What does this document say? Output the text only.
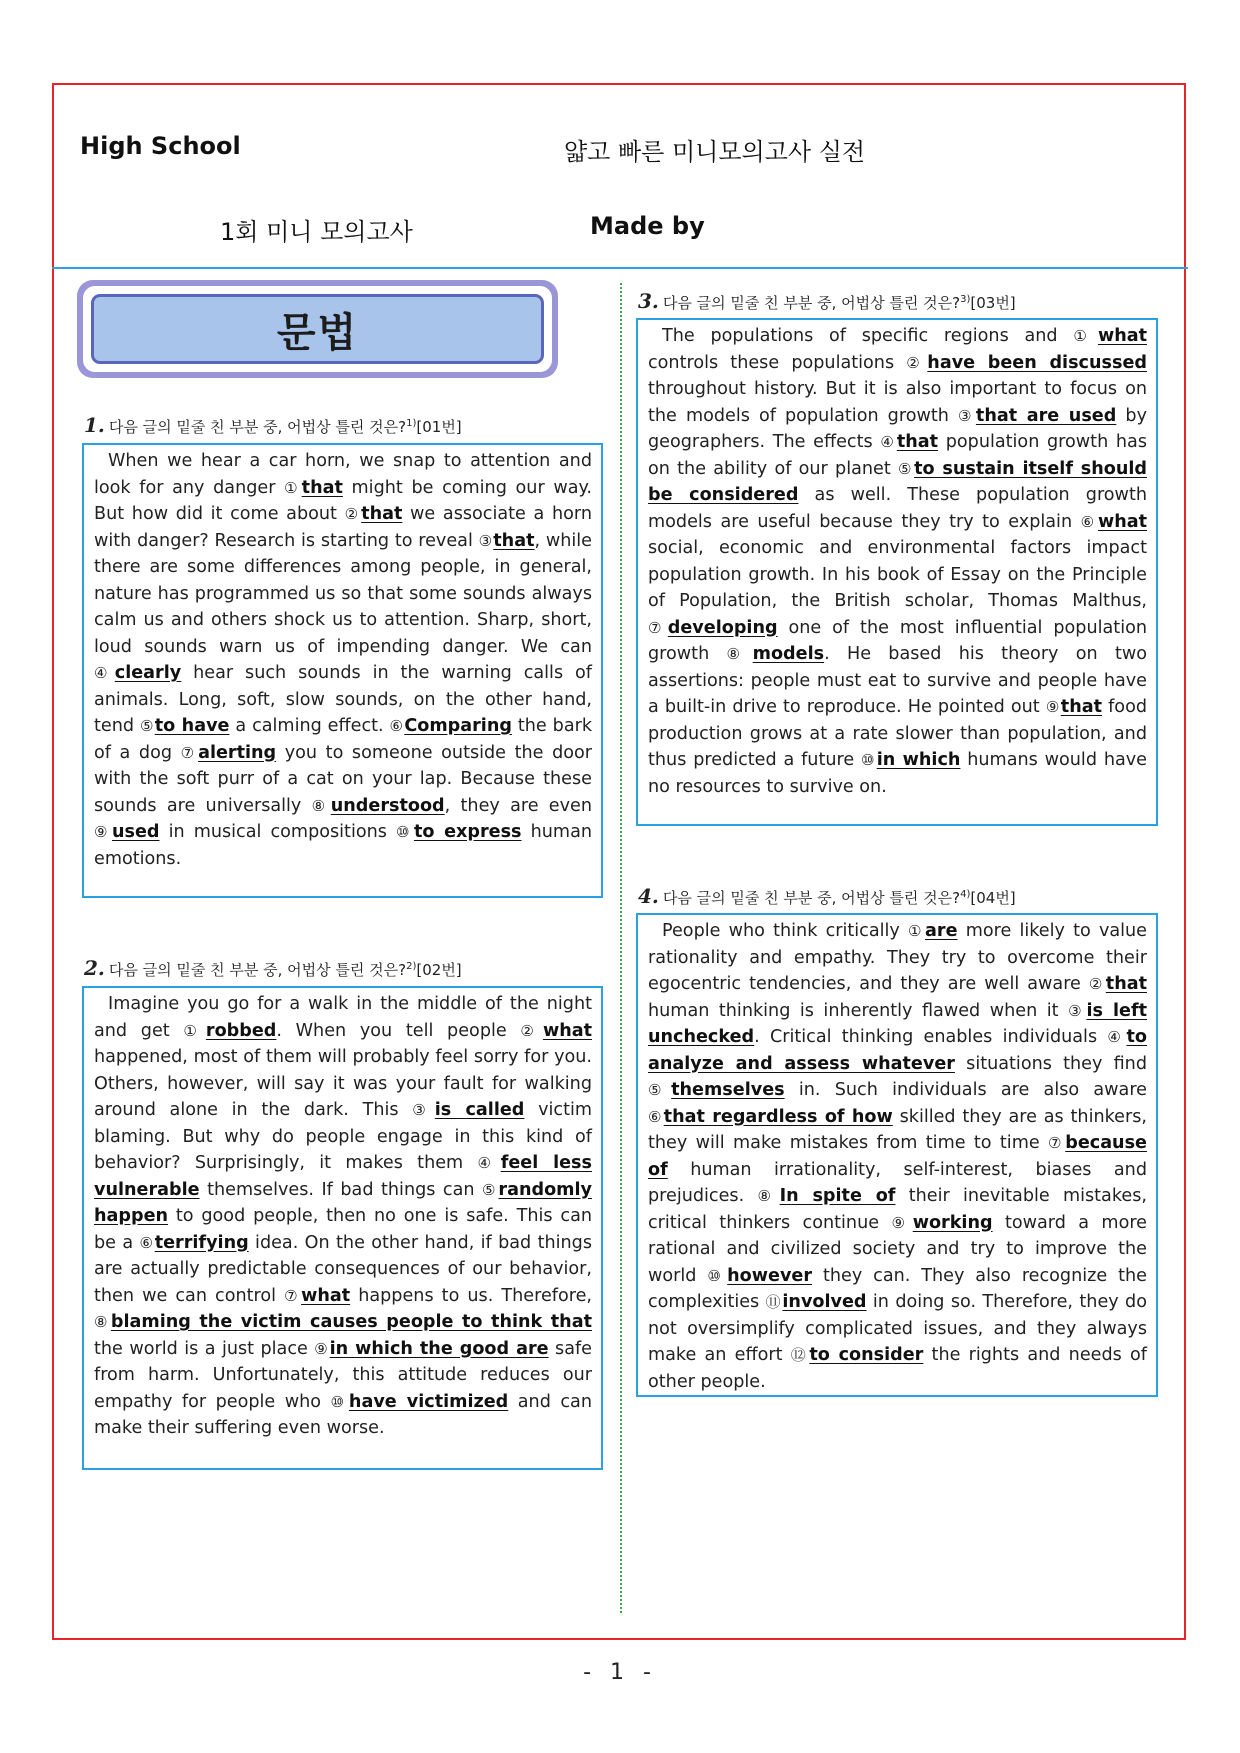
High School	얇고 빠른 미니모의고사 실전
1회 미니 모의고사	Made by
문법
1. 다음 글의 밑줄 친 부분 중, 어법상 틀린 것은?$^{1)}$[01번]
When we hear a car horn, we snap to attention and look for any danger ①that might be coming our way. But how did it come about ②that we associate a horn with danger? Research is starting to reveal ③that, while there are some differences among people, in general, nature has programmed us so that some sounds always calm us and others shock us to attention. Sharp, short, loud sounds warn us of impending danger. We can ④clearly hear such sounds in the warning calls of animals. Long, soft, slow sounds, on the other hand, tend ⑤to have a calming effect. ⑥Comparing the bark of a dog ⑦alerting you to someone outside the door with the soft purr of a cat on your lap. Because these sounds are universally ⑧understood, they are even ⑨used in musical compositions ⑩to express human emotions.
2. 다음 글의 밑줄 친 부분 중, 어법상 틀린 것은?$^{2)}$[02번]
Imagine you go for a walk in the middle of the night and get ①robbed. When you tell people ②what happened, most of them will probably feel sorry for you. Others, however, will say it was your fault for walking around alone in the dark. This ③is called victim blaming. But why do people engage in this kind of behavior? Surprisingly, it makes them ④feel less vulnerable themselves. If bad things can ⑤randomly happen to good people, then no one is safe. This can be a ⑥terrifying idea. On the other hand, if bad things are actually predictable consequences of our behavior, then we can control ⑦what happens to us. Therefore, ⑧blaming the victim causes people to think that the world is a just place ⑨in which the good are safe from harm. Unfortunately, this attitude reduces our empathy for people who ⑩have victimized and can make their suffering even worse.
3. 다음 글의 밑줄 친 부분 중, 어법상 틀린 것은?$^{3)}$[03번]
The populations of specific regions and ①what controls these populations ②have been discussed throughout history. But it is also important to focus on the models of population growth ③that are used by geographers. The effects ④that population growth has on the ability of our planet ⑤to sustain itself should be considered as well. These population growth models are useful because they try to explain ⑥what social, economic and environmental factors impact population growth. In his book of Essay on the Principle of Population, the British scholar, Thomas Malthus, ⑦developing one of the most influential population growth ⑧models. He based his theory on two assertions: people must eat to survive and people have a built-in drive to reproduce. He pointed out ⑨that food production grows at a rate slower than population, and thus predicted a future ⑩in which humans would have no resources to survive on.
4. 다음 글의 밑줄 친 부분 중, 어법상 틀린 것은?$^{4)}$[04번]
People who think critically ①are more likely to value rationality and empathy. They try to overcome their egocentric tendencies, and they are well aware ②that human thinking is inherently flawed when it ③is left unchecked. Critical thinking enables individuals ④to analyze and assess whatever situations they find ⑤themselves in. Such individuals are also aware ⑥that regardless of how skilled they are as thinkers, they will make mistakes from time to time ⑦because of human irrationality, self-interest, biases and prejudices. ⑧In spite of their inevitable mistakes, critical thinkers continue ⑨working toward a more rational and civilized society and try to improve the world ⑩however they can. They also recognize the complexities ⑪involved in doing so. Therefore, they do not oversimplify complicated issues, and they always make an effort ⑫to consider the rights and needs of other people.
- 1 -
